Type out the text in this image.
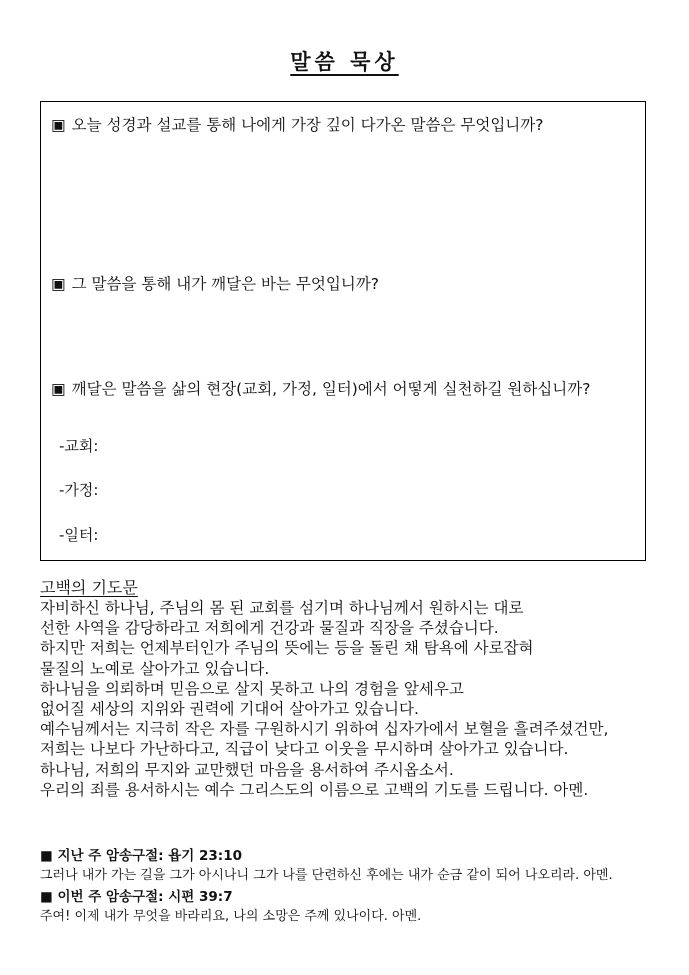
말씀 묵상
▣ 오늘 성경과 설교를 통해 나에게 가장 깊이 다가온 말씀은 무엇입니까?
▣ 그 말씀을 통해 내가 깨달은 바는 무엇입니까?
▣ 깨달은 말씀을 삶의 현장(교회, 가정, 일터)에서 어떻게 실천하길 원하십니까?
-교회:
-가정:
-일터:
고백의 기도문
자비하신 하나님, 주님의 몸 된 교회를 섬기며 하나님께서 원하시는 대로
선한 사역을 감당하라고 저희에게 건강과 물질과 직장을 주셨습니다.
하지만 저희는 언제부터인가 주님의 뜻에는 등을 돌린 채 탐욕에 사로잡혀
물질의 노예로 살아가고 있습니다.
하나님을 의뢰하며 믿음으로 살지 못하고 나의 경험을 앞세우고
없어질 세상의 지위와 권력에 기대어 살아가고 있습니다.
예수님께서는 지극히 작은 자를 구원하시기 위하여 십자가에서 보혈을 흘려주셨건만,
저희는 나보다 가난하다고, 직급이 낮다고 이웃을 무시하며 살아가고 있습니다.
하나님, 저희의 무지와 교만했던 마음을 용서하여 주시옵소서.
우리의 죄를 용서하시는 예수 그리스도의 이름으로 고백의 기도를 드립니다. 아멘.
■ 지난 주 암송구절: 욥기 23:10
그러나 내가 가는 길을 그가 아시나니 그가 나를 단련하신 후에는 내가 순금 같이 되어 나오리라. 아멘.
■ 이번 주 암송구절: 시편 39:7
주여! 이제 내가 무엇을 바라리요, 나의 소망은 주께 있나이다. 아멘.
